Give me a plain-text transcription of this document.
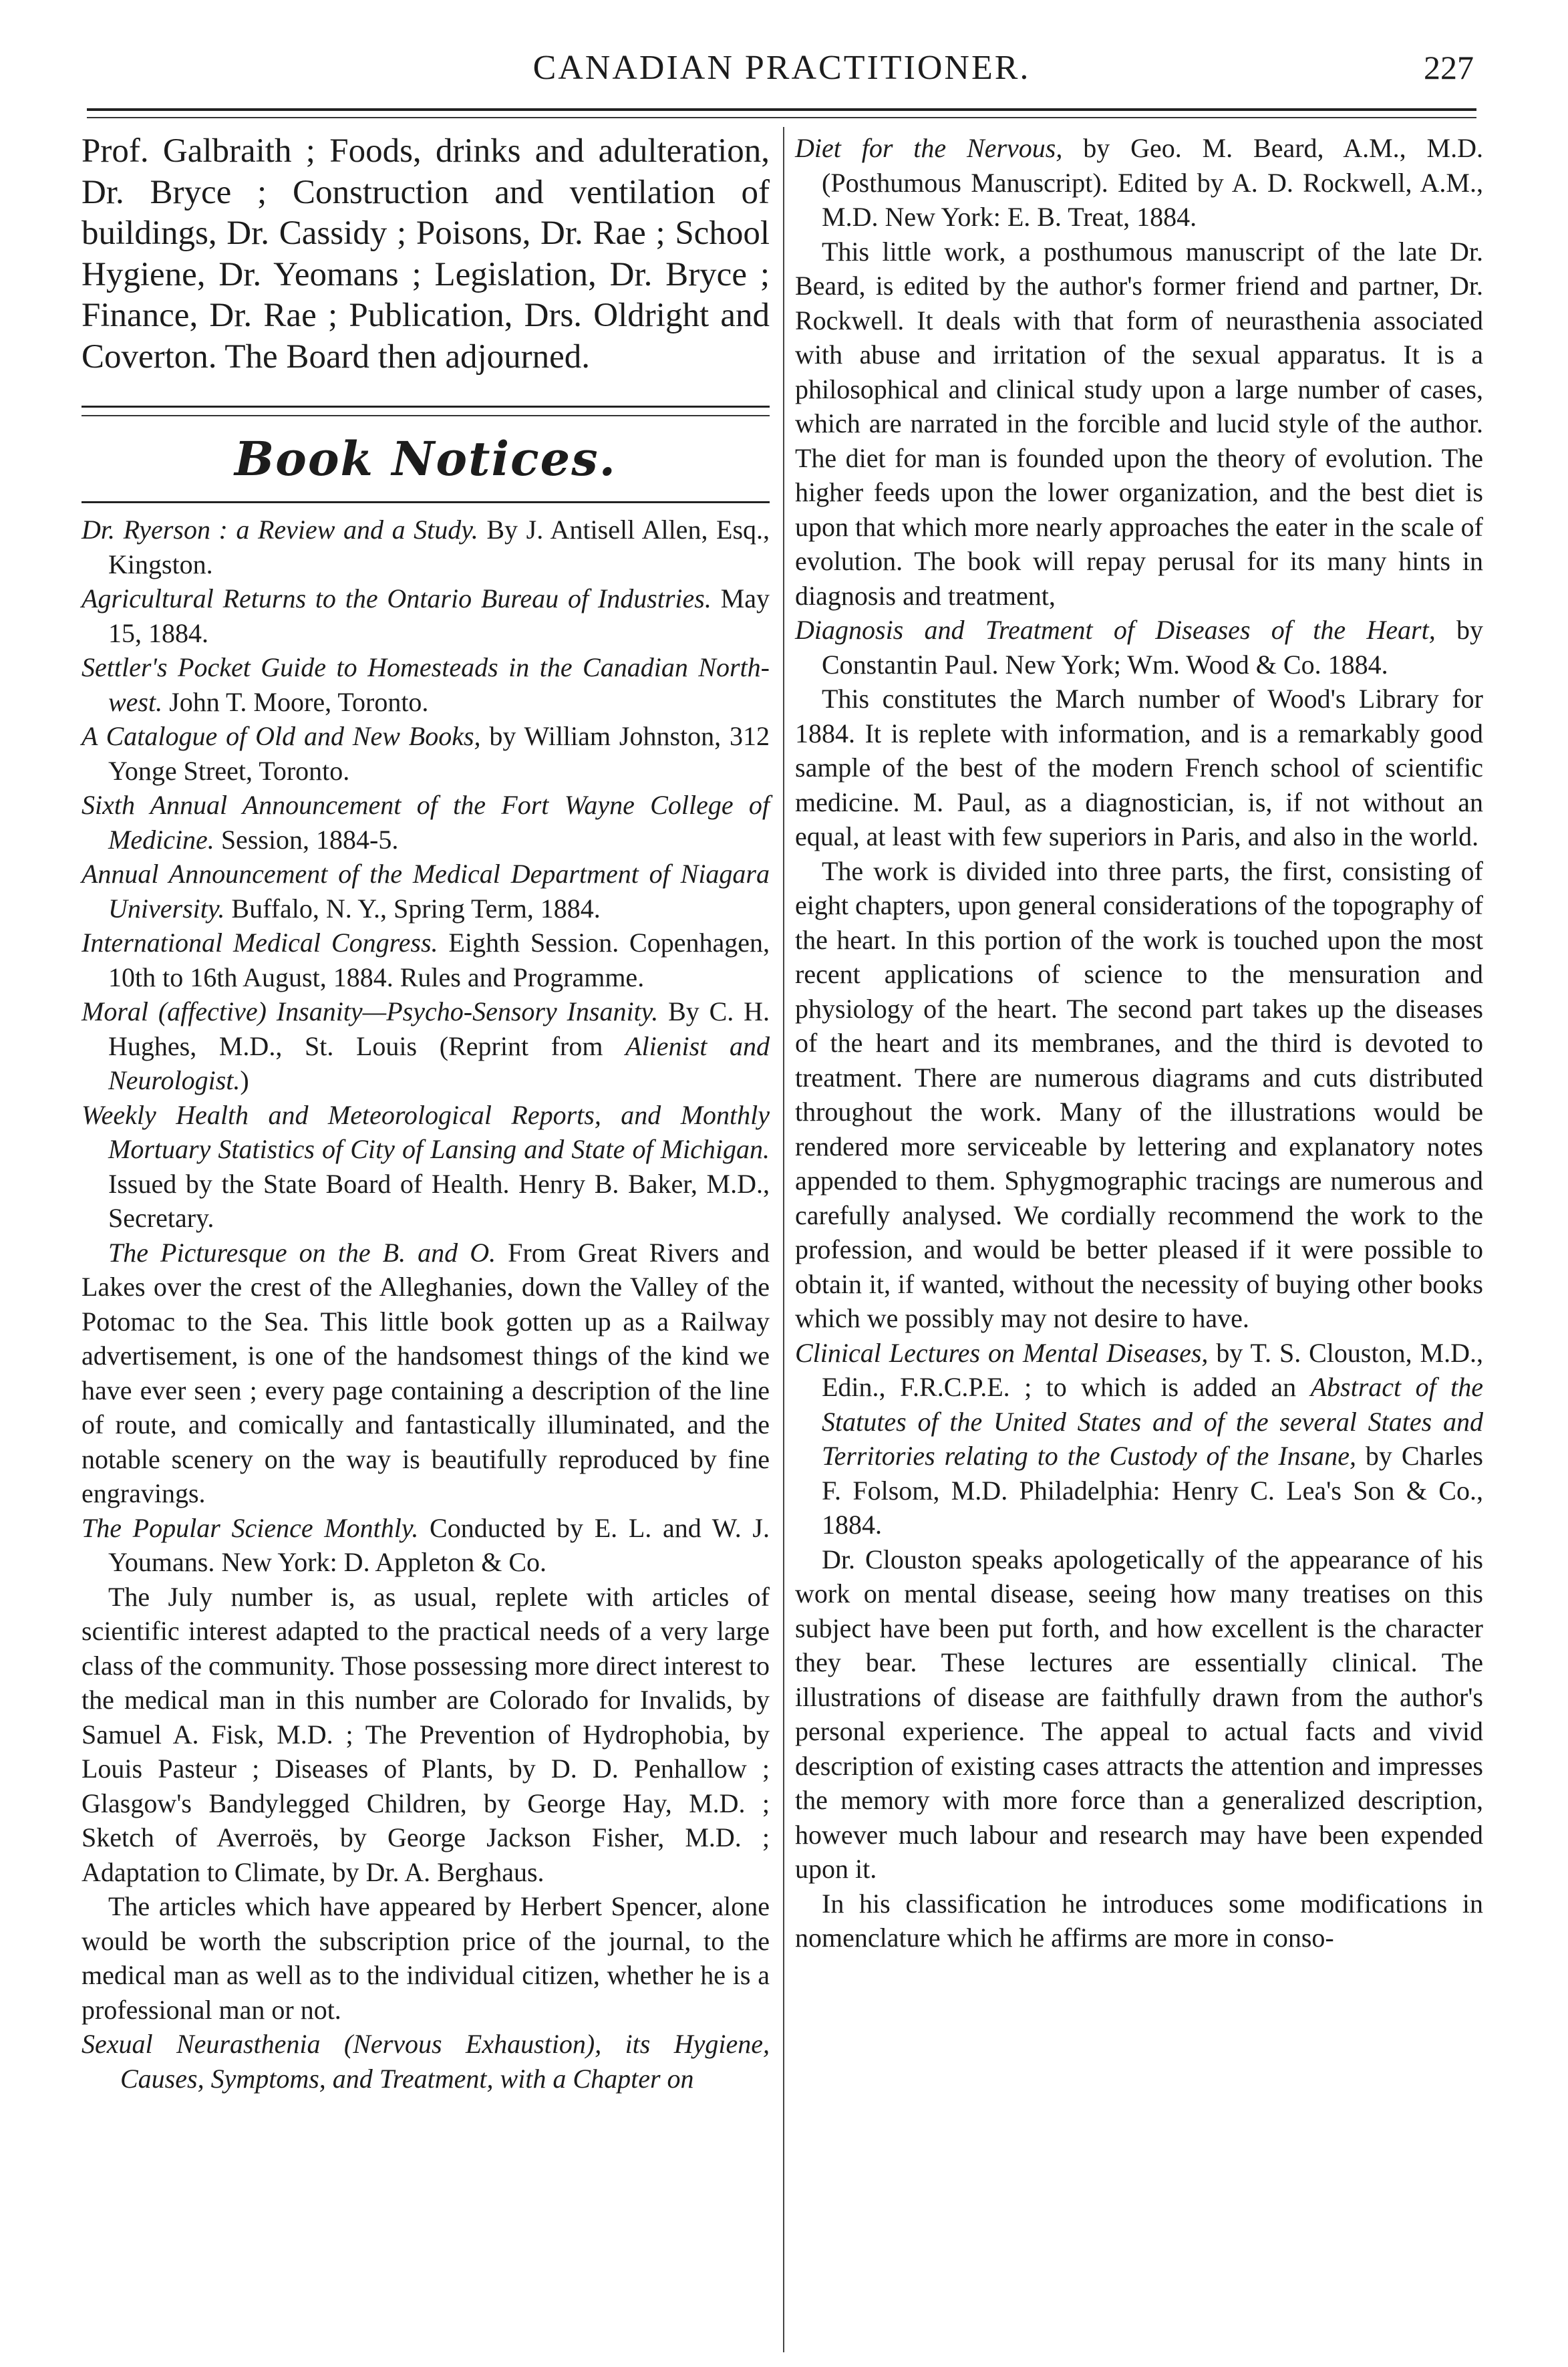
CANADIAN PRACTITIONER.	227

Prof. Galbraith ; Foods, drinks and adulteration, Dr. Bryce ; Construction and ventilation of buildings, Dr. Cassidy ; Poisons, Dr. Rae ; School Hygiene, Dr. Yeomans ; Legislation, Dr. Bryce ; Finance, Dr. Rae ; Publication, Drs. Oldright and Coverton. The Board then adjourned.

Book Notices.

Dr. Ryerson : a Review and a Study. By J. Antisell Allen, Esq., Kingston.

Agricultural Returns to the Ontario Bureau of Industries. May 15, 1884.

Settler's Pocket Guide to Homesteads in the Canadian North-west. John T. Moore, Toronto.

A Catalogue of Old and New Books, by William Johnston, 312 Yonge Street, Toronto.

Sixth Annual Announcement of the Fort Wayne College of Medicine. Session, 1884-5.

Annual Announcement of the Medical Department of Niagara University. Buffalo, N. Y., Spring Term, 1884.

International Medical Congress. Eighth Session. Copenhagen, 10th to 16th August, 1884. Rules and Programme.

Moral (affective) Insanity—Psycho-Sensory Insanity. By C. H. Hughes, M.D., St. Louis (Reprint from Alienist and Neurologist.)

Weekly Health and Meteorological Reports, and Monthly Mortuary Statistics of City of Lansing and State of Michigan. Issued by the State Board of Health. Henry B. Baker, M.D., Secretary.

The Picturesque on the B. and O. From Great Rivers and Lakes over the crest of the Alleghanies, down the Valley of the Potomac to the Sea. This little book gotten up as a Railway advertisement, is one of the handsomest things of the kind we have ever seen ; every page containing a description of the line of route, and comically and fantastically illuminated, and the notable scenery on the way is beautifully reproduced by fine engravings.

The Popular Science Monthly. Conducted by E. L. and W. J. Youmans. New York: D. Appleton & Co.

The July number is, as usual, replete with articles of scientific interest adapted to the practical needs of a very large class of the community. Those possessing more direct interest to the medical man in this number are Colorado for Invalids, by Samuel A. Fisk, M.D. ; The Prevention of Hydrophobia, by Louis Pasteur ; Diseases of Plants, by D. D. Penhallow ; Glasgow's Bandylegged Children, by George Hay, M.D. ; Sketch of Averroës, by George Jackson Fisher, M.D. ; Adaptation to Climate, by Dr. A. Berghaus.

The articles which have appeared by Herbert Spencer, alone would be worth the subscription price of the journal, to the medical man as well as to the individual citizen, whether he is a professional man or not.

Sexual Neurasthenia (Nervous Exhaustion), its Hygiene, Causes, Symptoms, and Treatment, with a Chapter on

Diet for the Nervous, by Geo. M. Beard, A.M., M.D. (Posthumous Manuscript). Edited by A. D. Rockwell, A.M., M.D. New York: E. B. Treat, 1884.

This little work, a posthumous manuscript of the late Dr. Beard, is edited by the author's former friend and partner, Dr. Rockwell. It deals with that form of neurasthenia associated with abuse and irritation of the sexual apparatus. It is a philosophical and clinical study upon a large number of cases, which are narrated in the forcible and lucid style of the author. The diet for man is founded upon the theory of evolution. The higher feeds upon the lower organization, and the best diet is upon that which more nearly approaches the eater in the scale of evolution. The book will repay perusal for its many hints in diagnosis and treatment,

Diagnosis and Treatment of Diseases of the Heart, by Constantin Paul. New York; Wm. Wood & Co. 1884.

This constitutes the March number of Wood's Library for 1884. It is replete with information, and is a remarkably good sample of the best of the modern French school of scientific medicine. M. Paul, as a diagnostician, is, if not without an equal, at least with few superiors in Paris, and also in the world.

The work is divided into three parts, the first, consisting of eight chapters, upon general considerations of the topography of the heart. In this portion of the work is touched upon the most recent applications of science to the mensuration and physiology of the heart. The second part takes up the diseases of the heart and its membranes, and the third is devoted to treatment. There are numerous diagrams and cuts distributed throughout the work. Many of the illustrations would be rendered more serviceable by lettering and explanatory notes appended to them. Sphygmographic tracings are numerous and carefully analysed. We cordially recommend the work to the profession, and would be better pleased if it were possible to obtain it, if wanted, without the necessity of buying other books which we possibly may not desire to have.

Clinical Lectures on Mental Diseases, by T. S. Clouston, M.D., Edin., F.R.C.P.E. ; to which is added an Abstract of the Statutes of the United States and of the several States and Territories relating to the Custody of the Insane, by Charles F. Folsom, M.D. Philadelphia: Henry C. Lea's Son & Co., 1884.

Dr. Clouston speaks apologetically of the appearance of his work on mental disease, seeing how many treatises on this subject have been put forth, and how excellent is the character they bear. These lectures are essentially clinical. The illustrations of disease are faithfully drawn from the author's personal experience. The appeal to actual facts and vivid description of existing cases attracts the attention and impresses the memory with more force than a generalized description, however much labour and research may have been expended upon it.

In his classification he introduces some modifications in nomenclature which he affirms are more in conso-
